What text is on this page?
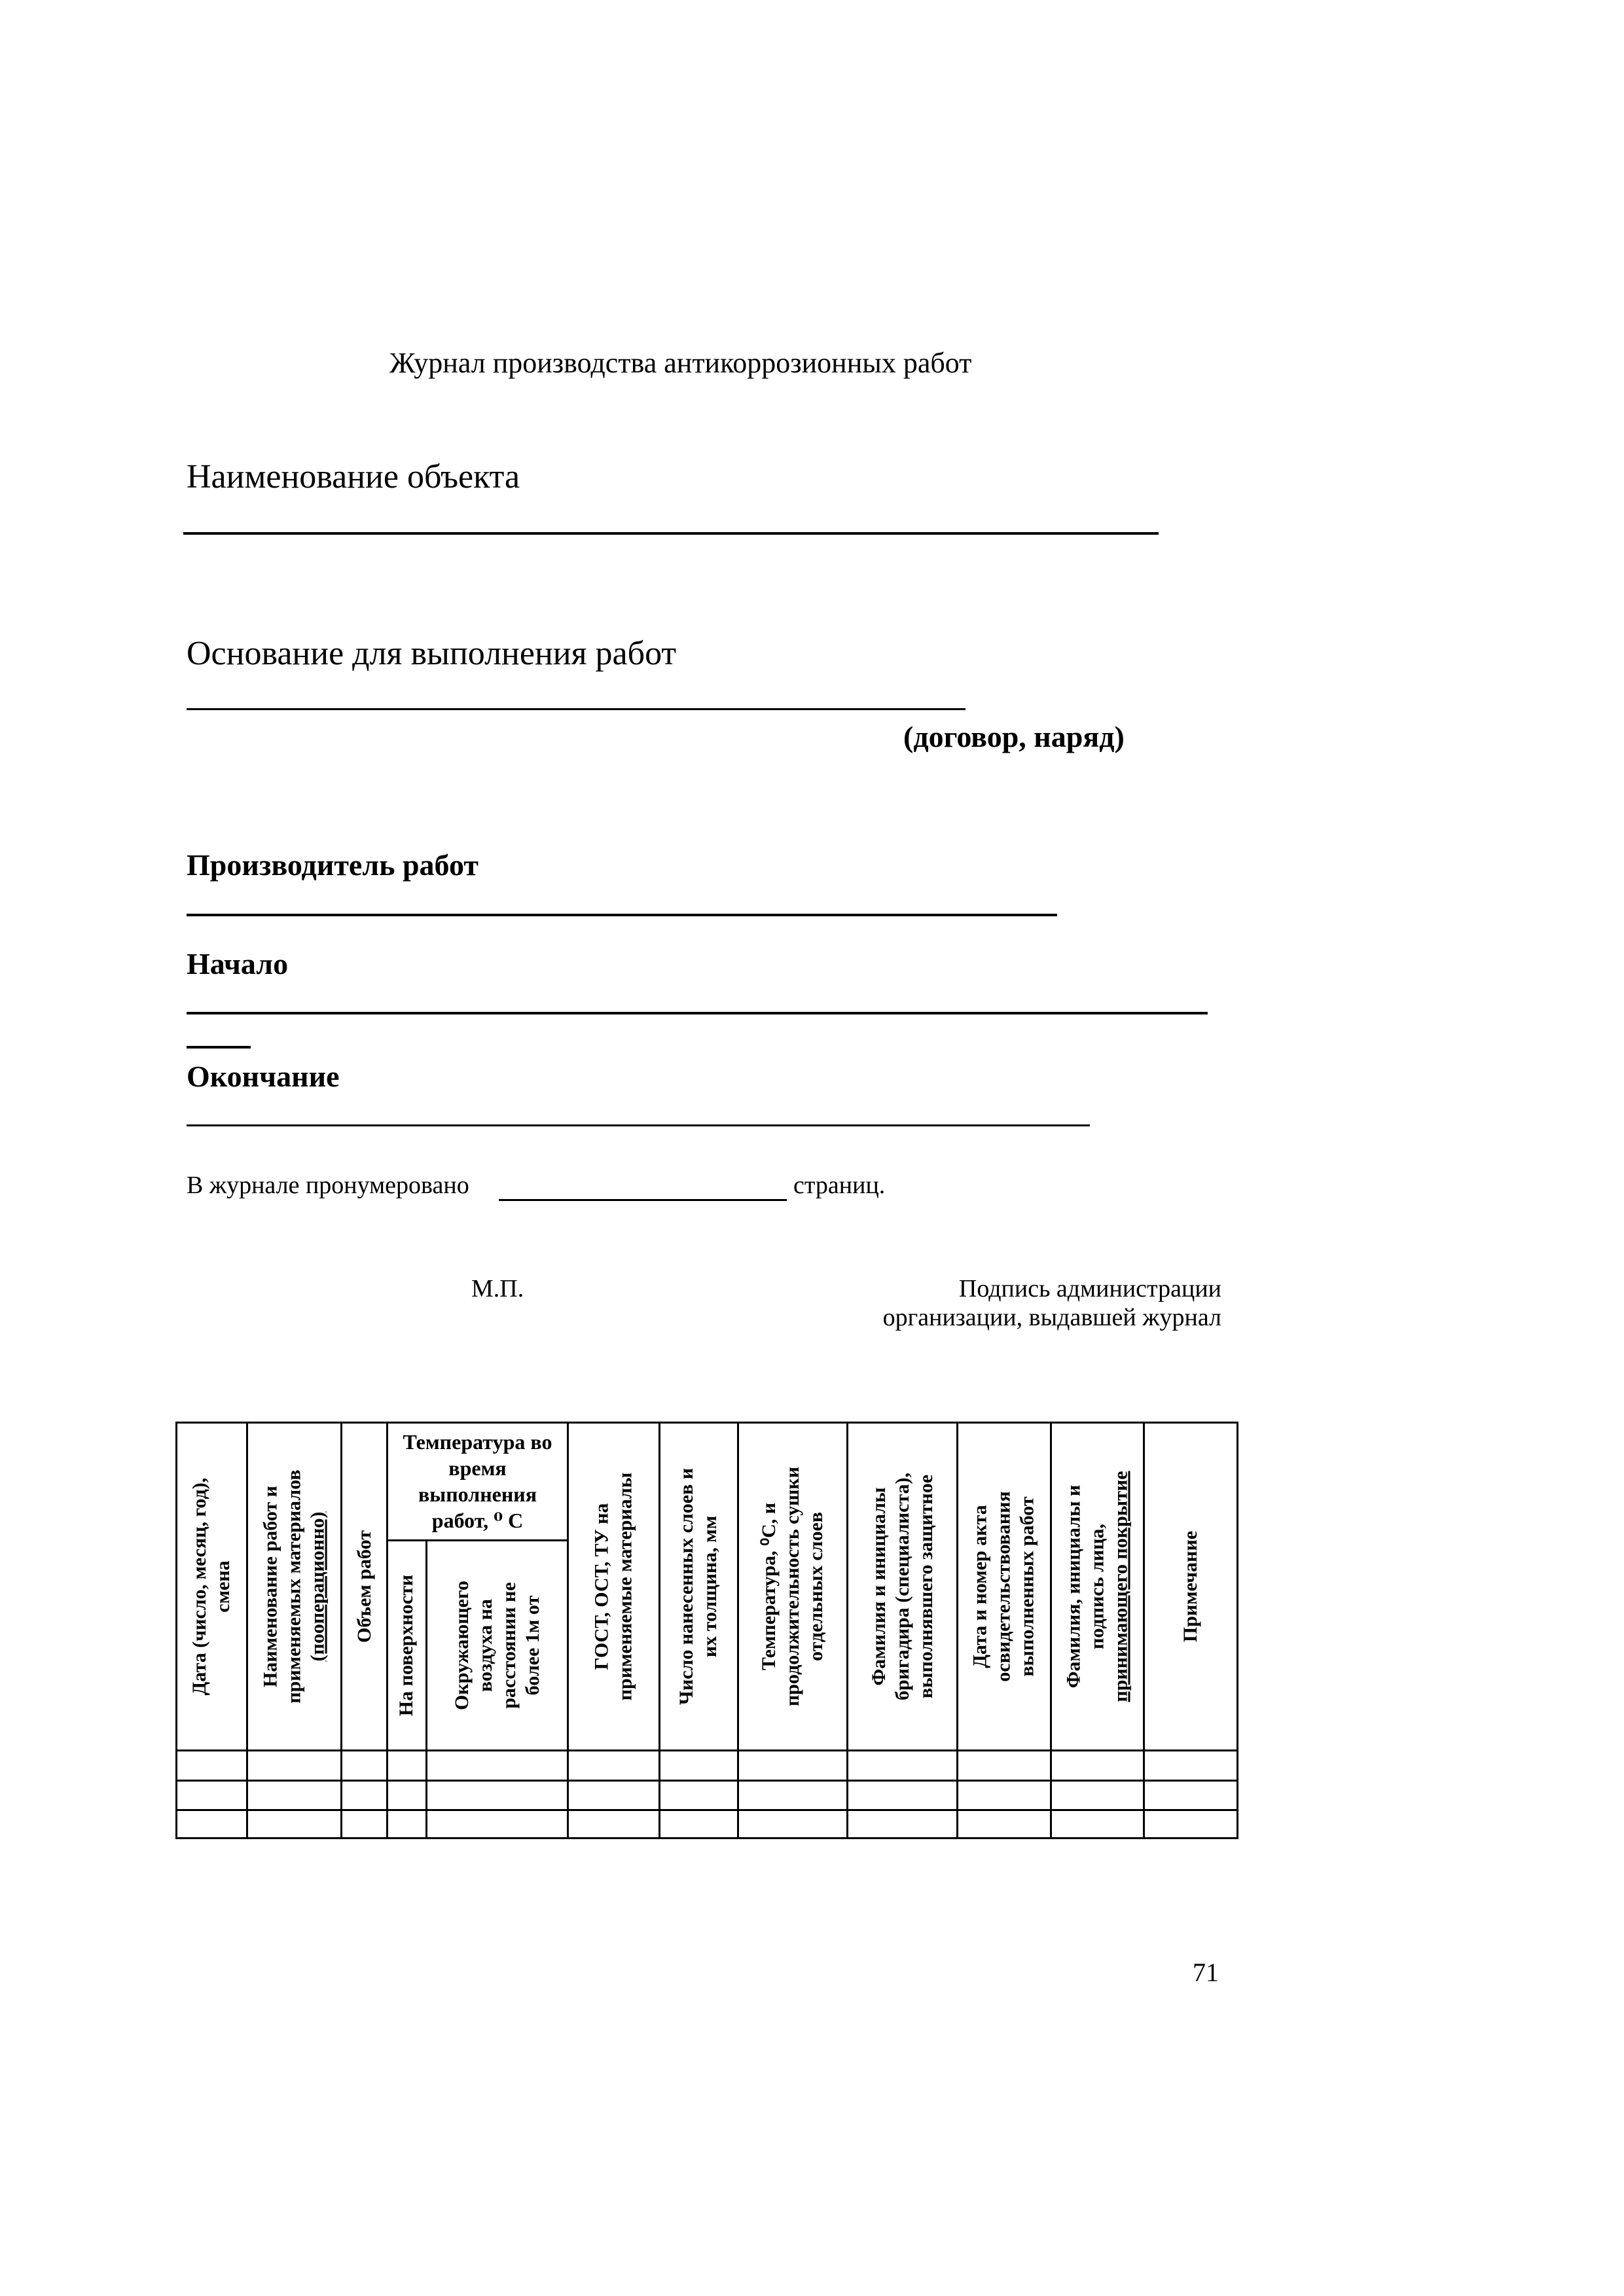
Журнал производства антикоррозионных работ
Наименование объекта
Основание для выполнения работ
(договор, наряд)
Производитель работ
Начало
Окончание
В журнале пронумеровано	страниц.
М.П.	Подпись администрации
организации, выдавшей журнал
Температура во время выполнения работ, ⁰ С
Дата (число, месяц, год), смена Наименование работ и применяемых материалов (пооперационно) Объем работ На поверхности Окружающего воздуха на расстоянии не более 1м от ГОСТ, ОСТ, ТУ на применяемые материалы Число нанесенных слоев и их толщина, мм Температура, ⁰С, и продолжительность сушки отдельных слоев Фамилия и инициалы бригадира (специалиста), выполнявшего защитное Дата и номер акта освидетельствования выполненных работ Фамилия, инициалы и подпись лица, принимающего покрытие Примечание
71
